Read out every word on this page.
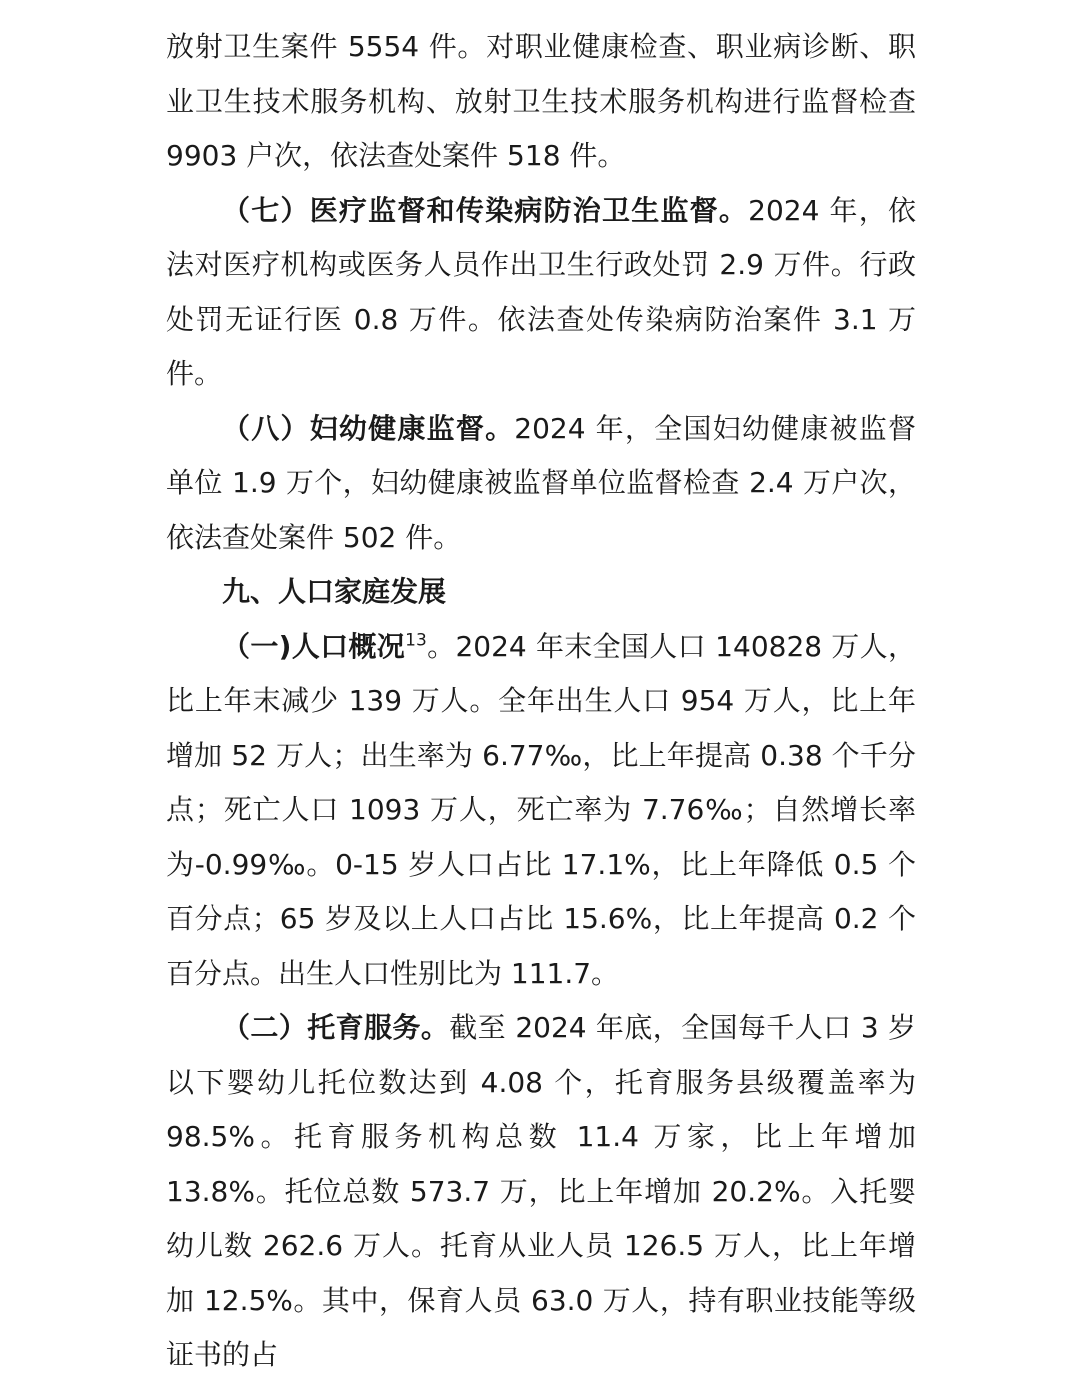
放射卫生案件 5554 件。对职业健康检查、职业病诊断、职业卫生技术服务机构、放射卫生技术服务机构进行监督检查 9903 户次，依法查处案件 518 件。

（七）医疗监督和传染病防治卫生监督。2024 年，依法对医疗机构或医务人员作出卫生行政处罚 2.9 万件。行政处罚无证行医 0.8 万件。依法查处传染病防治案件 3.1 万件。

（八）妇幼健康监督。2024 年，全国妇幼健康被监督单位 1.9 万个，妇幼健康被监督单位监督检查 2.4 万户次，依法查处案件 502 件。

九、人口家庭发展

（一)人口概况$^{13}$。2024 年末全国人口 140828 万人，比上年末减少 139 万人。全年出生人口 954 万人，比上年增加 52 万人；出生率为 6.77‰，比上年提高 0.38 个千分点；死亡人口 1093 万人，死亡率为 7.76‰；自然增长率为-0.99‰。0-15 岁人口占比 17.1%，比上年降低 0.5 个百分点；65 岁及以上人口占比 15.6%，比上年提高 0.2 个百分点。出生人口性别比为 111.7。

（二）托育服务。截至 2024 年底，全国每千人口 3 岁以下婴幼儿托位数达到 4.08 个，托育服务县级覆盖率为 98.5%。托育服务机构总数 11.4 万家，比上年增加 13.8%。托位总数 573.7 万，比上年增加 20.2%。入托婴幼儿数 262.6 万人。托育从业人员 126.5 万人，比上年增加 12.5%。其中，保育人员 63.0 万人，持有职业技能等级证书的占
